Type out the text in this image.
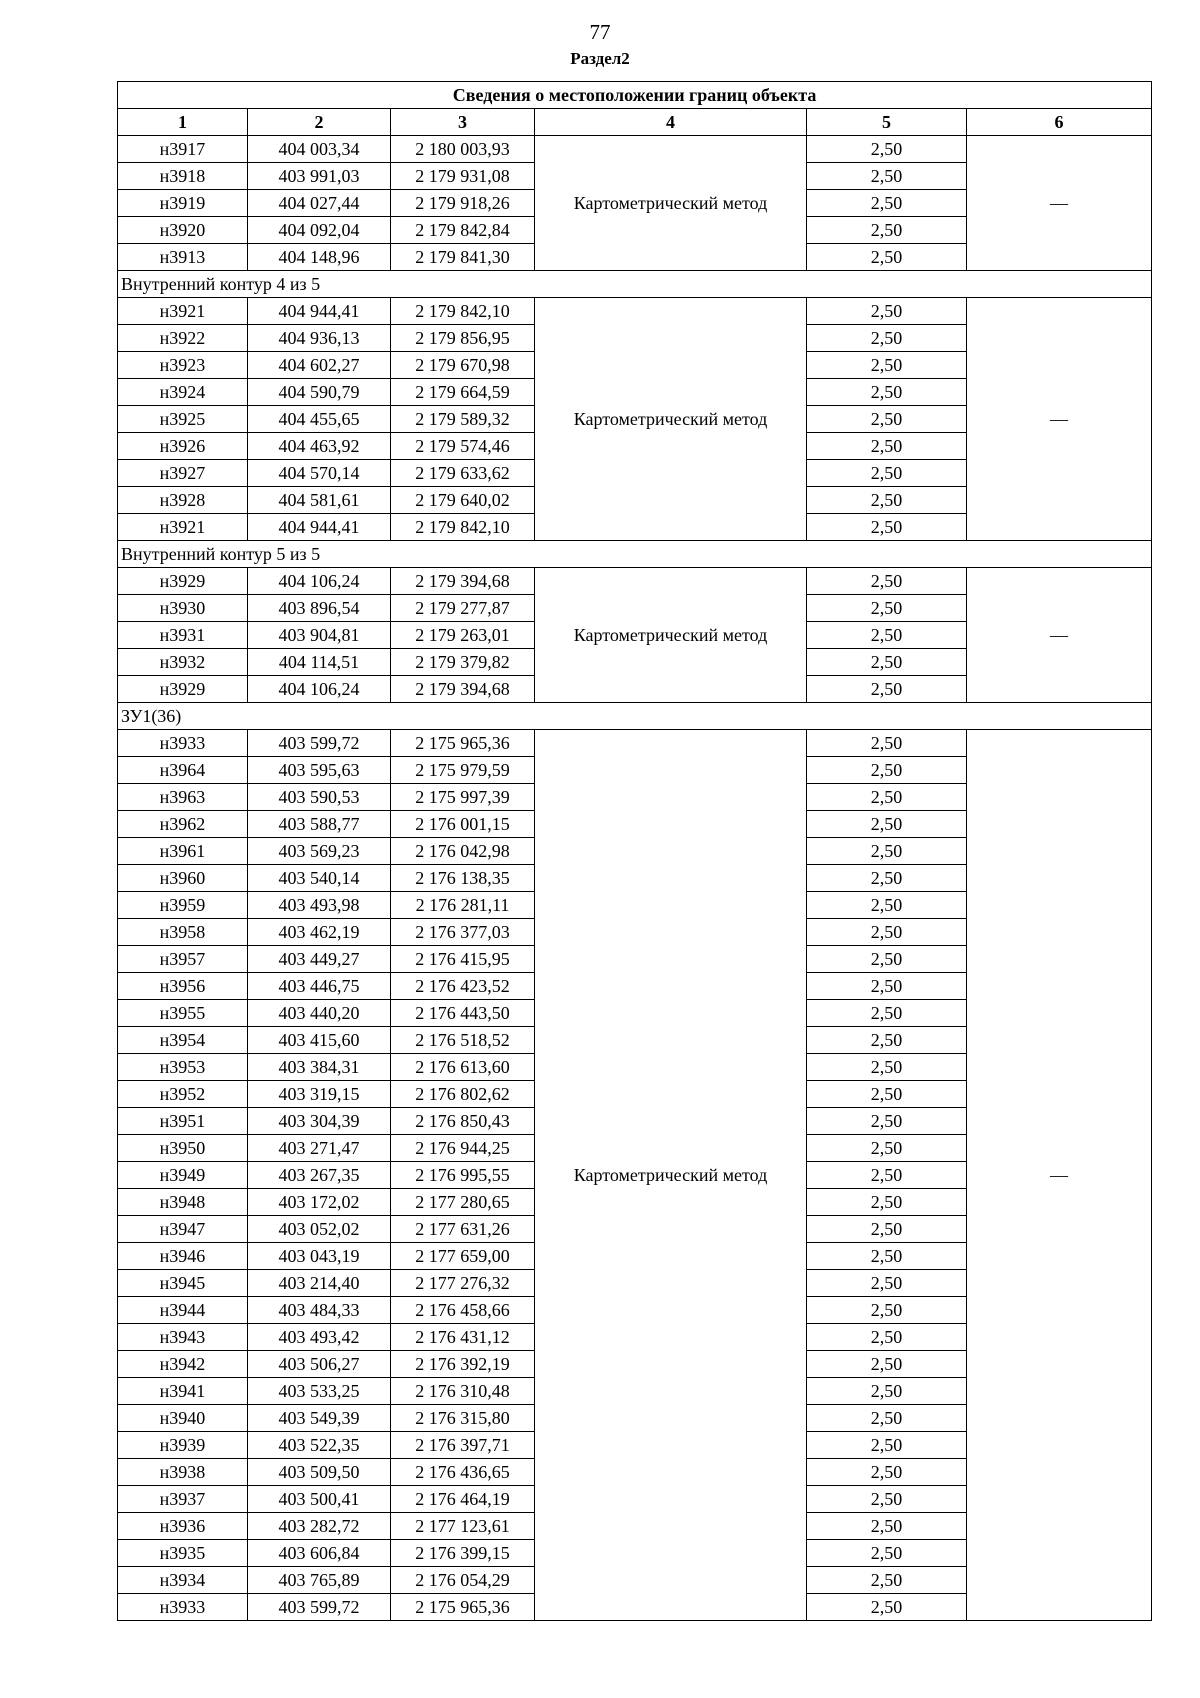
77
Раздел2
Сведения о местоположении границ объекта					
1	2	3	4	5	6
н3917	404 003,34	2 180 003,93	Картометрический метод	2,50	—
н3918	403 991,03	2 179 931,08		2,50	
н3919	404 027,44	2 179 918,26		2,50	
н3920	404 092,04	2 179 842,84		2,50	
н3913	404 148,96	2 179 841,30		2,50	
Внутренний контур 4 из 5					
н3921	404 944,41	2 179 842,10	Картометрический метод	2,50	—
н3922	404 936,13	2 179 856,95		2,50	
н3923	404 602,27	2 179 670,98		2,50	
н3924	404 590,79	2 179 664,59		2,50	
н3925	404 455,65	2 179 589,32		2,50	
н3926	404 463,92	2 179 574,46		2,50	
н3927	404 570,14	2 179 633,62		2,50	
н3928	404 581,61	2 179 640,02		2,50	
н3921	404 944,41	2 179 842,10		2,50	
Внутренний контур 5 из 5					
н3929	404 106,24	2 179 394,68	Картометрический метод	2,50	—
н3930	403 896,54	2 179 277,87		2,50	
н3931	403 904,81	2 179 263,01		2,50	
н3932	404 114,51	2 179 379,82		2,50	
н3929	404 106,24	2 179 394,68		2,50	
ЗУ1(36)					
н3933	403 599,72	2 175 965,36	Картометрический метод	2,50	—
н3964	403 595,63	2 175 979,59		2,50	
н3963	403 590,53	2 175 997,39		2,50	
н3962	403 588,77	2 176 001,15		2,50	
н3961	403 569,23	2 176 042,98		2,50	
н3960	403 540,14	2 176 138,35		2,50	
н3959	403 493,98	2 176 281,11		2,50	
н3958	403 462,19	2 176 377,03		2,50	
н3957	403 449,27	2 176 415,95		2,50	
н3956	403 446,75	2 176 423,52		2,50	
н3955	403 440,20	2 176 443,50		2,50	
н3954	403 415,60	2 176 518,52		2,50	
н3953	403 384,31	2 176 613,60		2,50	
н3952	403 319,15	2 176 802,62		2,50	
н3951	403 304,39	2 176 850,43		2,50	
н3950	403 271,47	2 176 944,25		2,50	
н3949	403 267,35	2 176 995,55		2,50	
н3948	403 172,02	2 177 280,65		2,50	
н3947	403 052,02	2 177 631,26		2,50	
н3946	403 043,19	2 177 659,00		2,50	
н3945	403 214,40	2 177 276,32		2,50	
н3944	403 484,33	2 176 458,66		2,50	
н3943	403 493,42	2 176 431,12		2,50	
н3942	403 506,27	2 176 392,19		2,50	
н3941	403 533,25	2 176 310,48		2,50	
н3940	403 549,39	2 176 315,80		2,50	
н3939	403 522,35	2 176 397,71		2,50	
н3938	403 509,50	2 176 436,65		2,50	
н3937	403 500,41	2 176 464,19		2,50	
н3936	403 282,72	2 177 123,61		2,50	
н3935	403 606,84	2 176 399,15		2,50	
н3934	403 765,89	2 176 054,29		2,50	
н3933	403 599,72	2 175 965,36		2,50	
